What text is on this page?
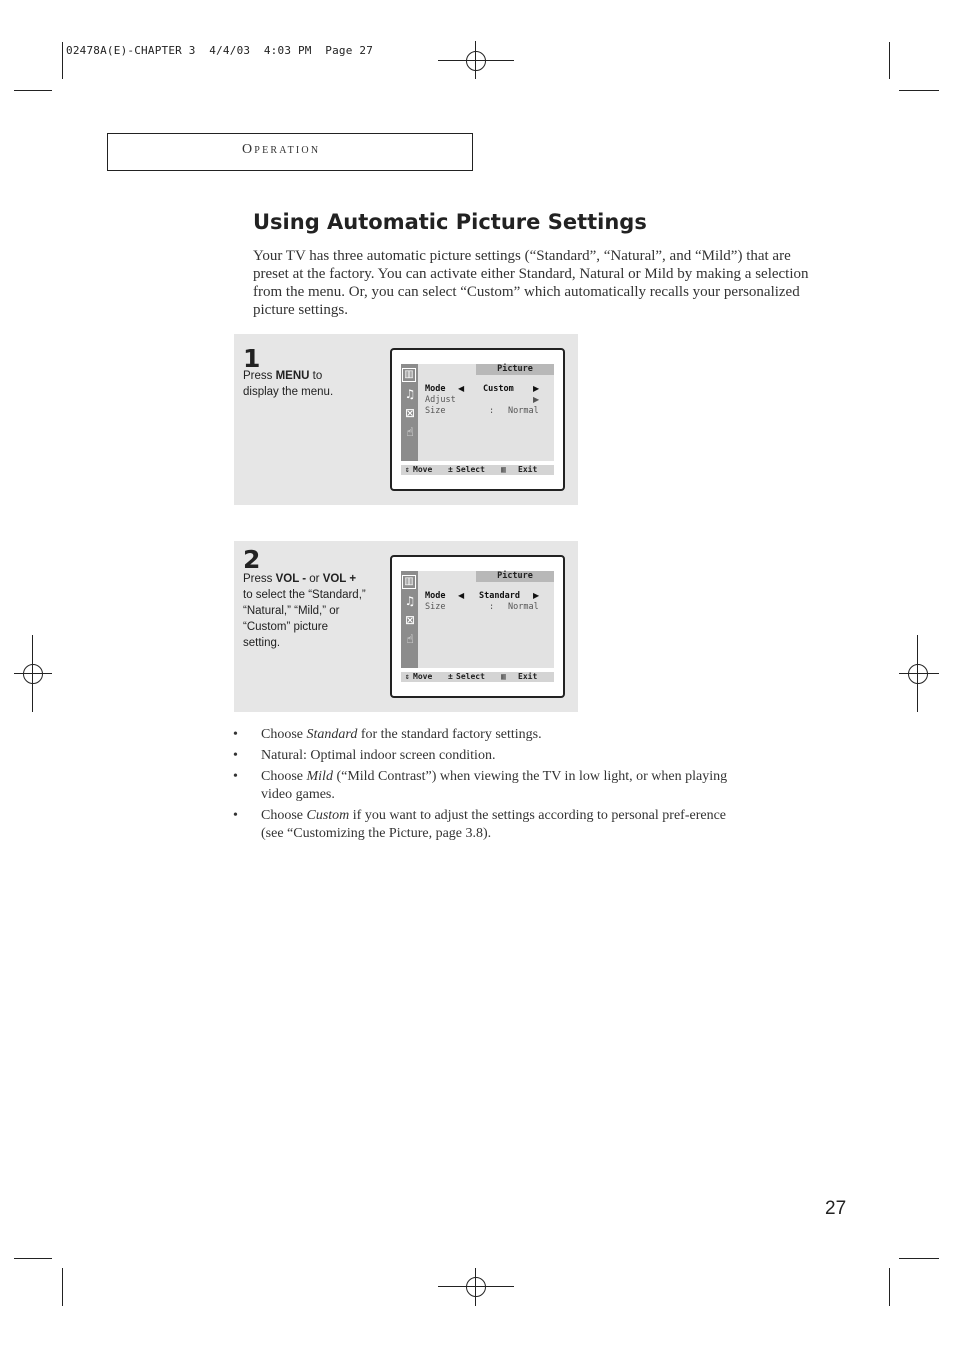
02478A(E)-CHAPTER 3  4/4/03  4:03 PM  Page 27
Operation
Using Automatic Picture Settings
Your TV has three automatic picture settings (“Standard”, “Natural”, and “Mild”) that are preset at the factory. You can activate either Standard, Natural or Mild by making a selection from the menu. Or, you can select “Custom” which automatically recalls your personalized picture settings.
1
Press MENU to display the menu.
▥
♫
⊠
☝
Picture
Mode ◀ Custom ▶
Adjust	▶
Size	: Normal
⇕ Move ± Select ▥ Exit
2
Press VOL - or VOL + to select the “Standard,” “Natural,” “Mild,” or “Custom” picture setting.
▥
♫
⊠
☝
Picture
Mode ◀ Standard ▶
Size	: Normal
⇕ Move ± Select ▥ Exit
• Choose Standard for the standard factory settings.
• Natural: Optimal indoor screen condition.
• Choose Mild (“Mild Contrast”) when viewing the TV in low light, or when playing video games.
• Choose Custom if you want to adjust the settings according to personal pref-erence (see “Customizing the Picture, page 3.8).
27
